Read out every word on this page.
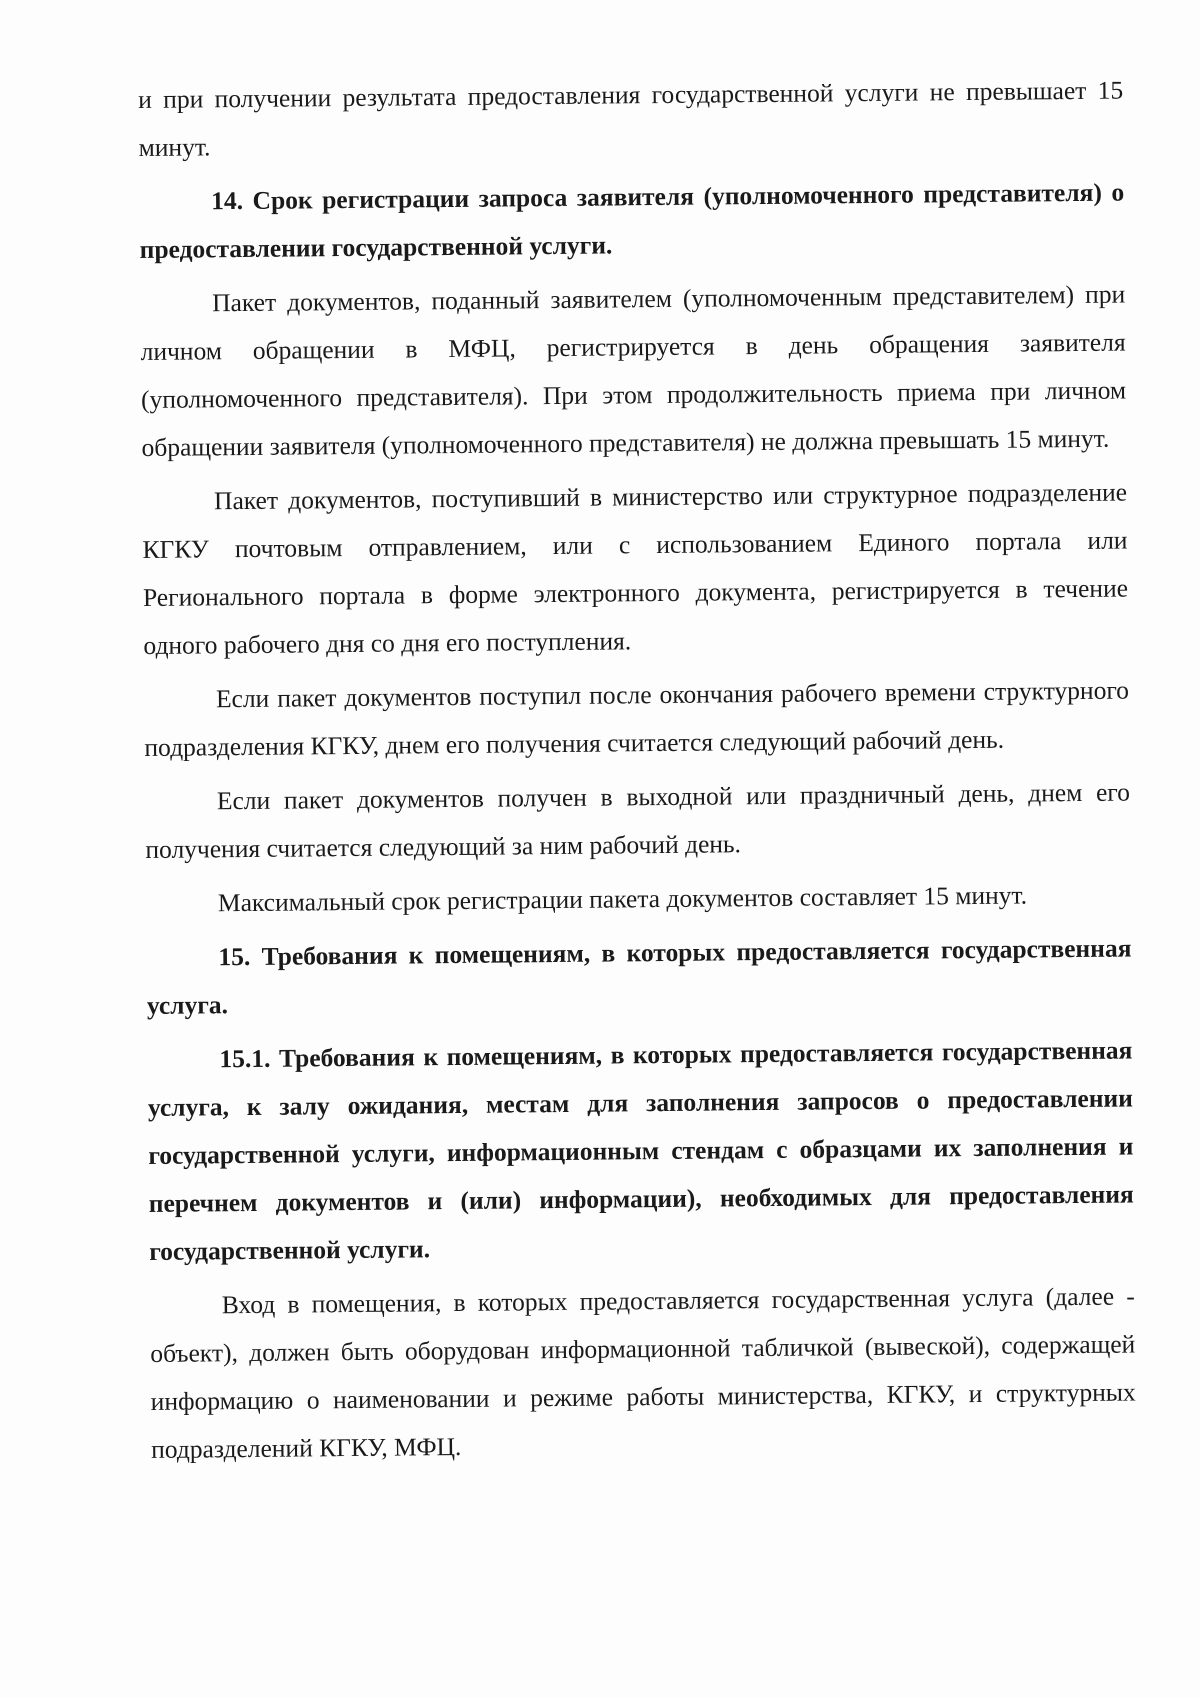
и при получении результата предоставления государственной услуги не превышает 15 минут.

14. Срок регистрации запроса заявителя (уполномоченного представителя) о предоставлении государственной услуги.

Пакет документов, поданный заявителем (уполномоченным представителем) при личном обращении в МФЦ, регистрируется в день обращения заявителя (уполномоченного представителя). При этом продолжительность приема при личном обращении заявителя (уполномоченного представителя) не должна превышать 15 минут.

Пакет документов, поступивший в министерство или структурное подразделение КГКУ почтовым отправлением, или с использованием Единого портала или Регионального портала в форме электронного документа, регистрируется в течение одного рабочего дня со дня его поступления.

Если пакет документов поступил после окончания рабочего времени структурного подразделения КГКУ, днем его получения считается следующий рабочий день.

Если пакет документов получен в выходной или праздничный день, днем его получения считается следующий за ним рабочий день.

Максимальный срок регистрации пакета документов составляет 15 минут.

15. Требования к помещениям, в которых предоставляется государственная услуга.

15.1. Требования к помещениям, в которых предоставляется государственная услуга, к залу ожидания, местам для заполнения запросов о предоставлении государственной услуги, информационным стендам с образцами их заполнения и перечнем документов и (или) информации), необходимых для предоставления государственной услуги.

Вход в помещения, в которых предоставляется государственная услуга (далее - объект), должен быть оборудован информационной табличкой (вывеской), содержащей информацию о наименовании и режиме работы министерства, КГКУ, и структурных подразделений КГКУ, МФЦ.
